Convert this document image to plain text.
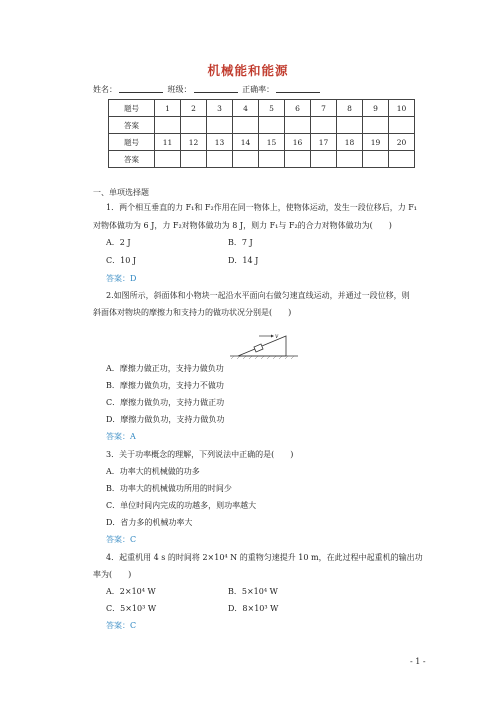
机械能和能源
姓名：	班级：	正确率：
题号	1	2	3	4	5	6	7	8	9	10
答案										
题号	11	12	13	14	15	16	17	18	19	20
答案										
一、单项选择题
1．两个相互垂直的力 F₁和 F₂作用在同一物体上，使物体运动，发生一段位移后，力 F₁
对物体做功为 6 J，力 F₂对物体做功为 8 J，则力 F₁与 F₂的合力对物体做功为(　　)
A．2 J	B．7 J
C．10 J	D．14 J
答案：D
2.如图所示，斜面体和小物块一起沿水平面向右做匀速直线运动，并通过一段位移，则
斜面体对物块的摩擦力和支持力的做功状况分别是(　　)
v
A．摩擦力做正功，支持力做负功
B．摩擦力做负功，支持力不做功
C．摩擦力做负功，支持力做正功
D．摩擦力做负功，支持力做负功
答案：A
3．关于功率概念的理解，下列说法中正确的是(　　)
A．功率大的机械做的功多
B．功率大的机械做功所用的时间少
C．单位时间内完成的功越多，则功率越大
D．省力多的机械功率大
答案：C
4．起重机用 4 s 的时间将 2×10⁴ N 的重物匀速提升 10 m，在此过程中起重机的输出功
率为(　　)
A．2×10⁴ W	B．5×10⁴ W
C．5×10³ W	D．8×10³ W
答案：C
- 1 -
